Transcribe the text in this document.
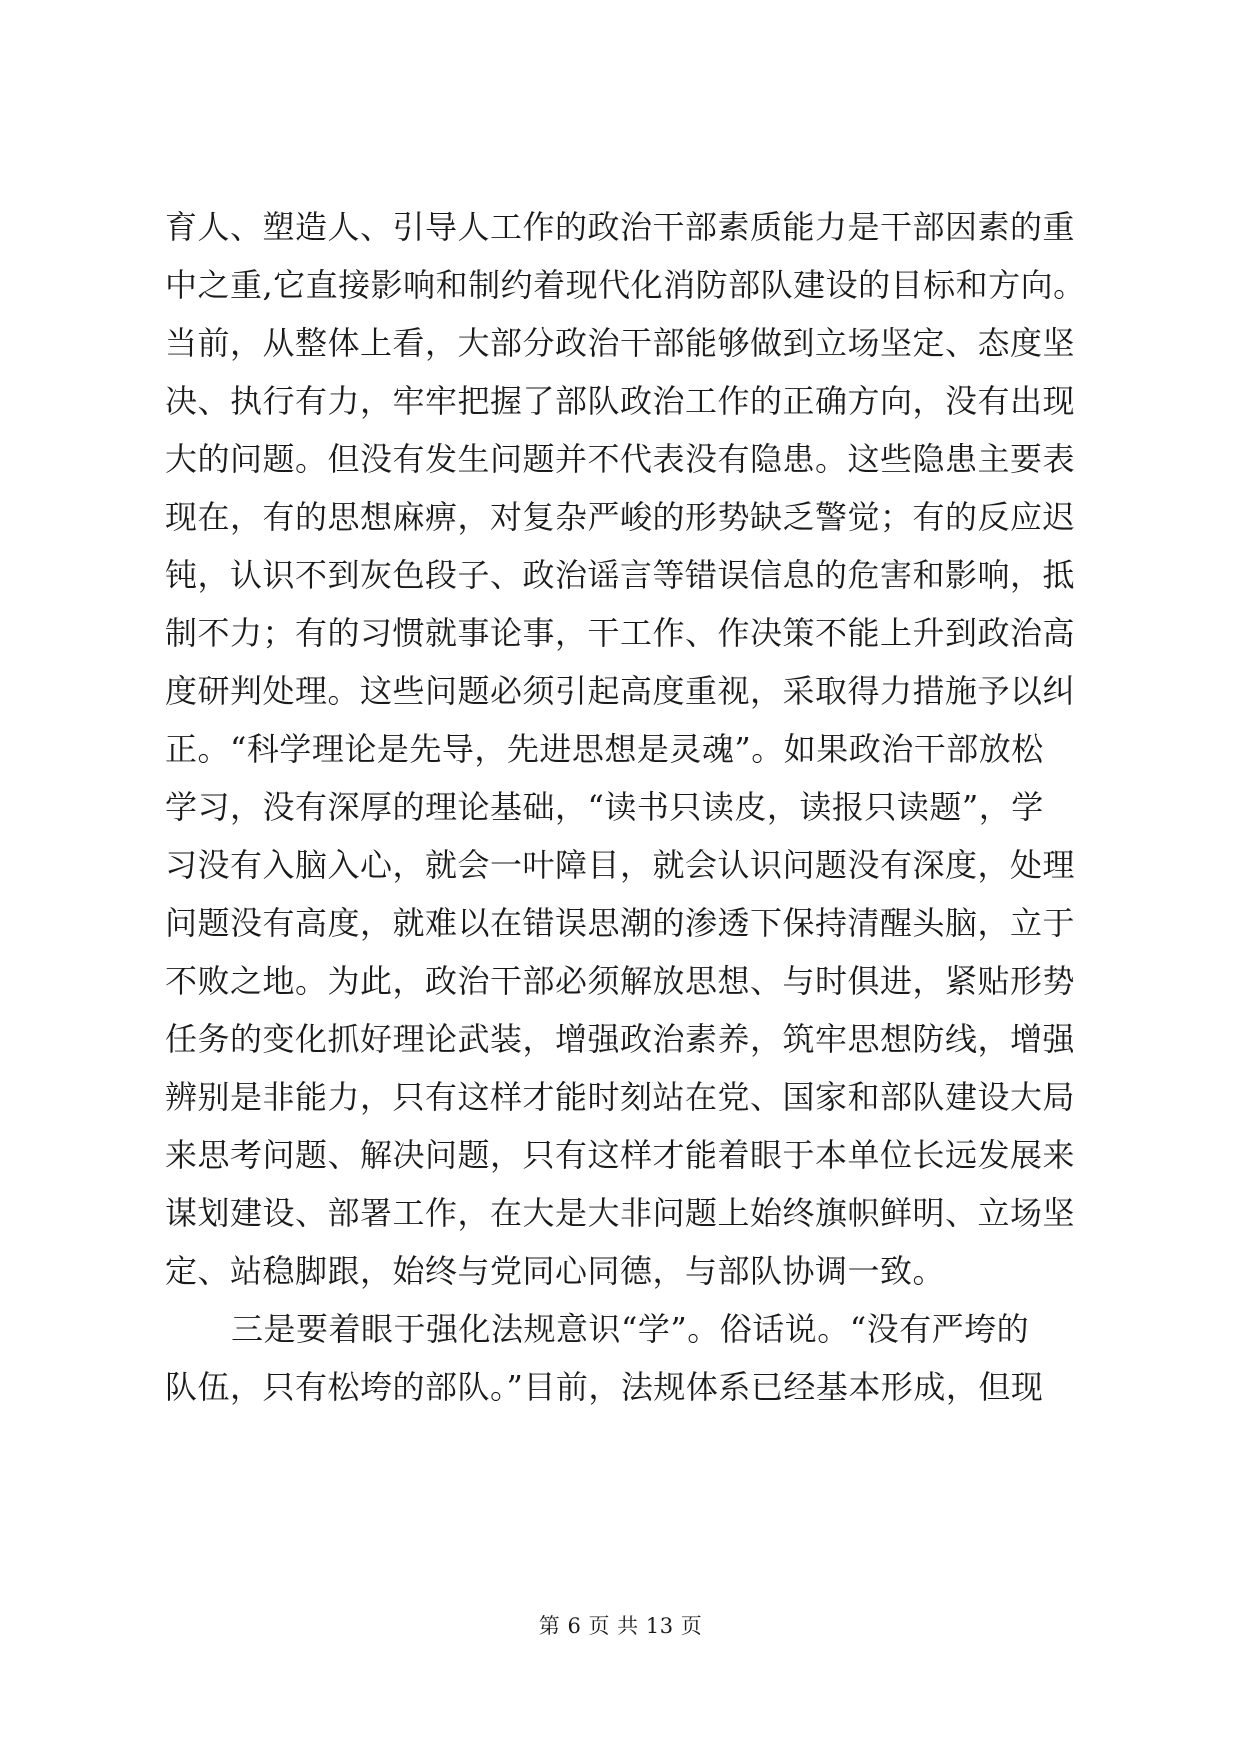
育人、塑造人、引导人工作的政治干部素质能力是干部因素的重
中之重,它直接影响和制约着现代化消防部队建设的目标和方向。
当前，从整体上看，大部分政治干部能够做到立场坚定、态度坚
决、执行有力，牢牢把握了部队政治工作的正确方向，没有出现
大的问题。但没有发生问题并不代表没有隐患。这些隐患主要表
现在，有的思想麻痹，对复杂严峻的形势缺乏警觉；有的反应迟
钝，认识不到灰色段子、政治谣言等错误信息的危害和影响，抵
制不力；有的习惯就事论事，干工作、作决策不能上升到政治高
度研判处理。这些问题必须引起高度重视，采取得力措施予以纠
正。“科学理论是先导，先进思想是灵魂”。如果政治干部放松
学习，没有深厚的理论基础，“读书只读皮，读报只读题”，学
习没有入脑入心，就会一叶障目，就会认识问题没有深度，处理
问题没有高度，就难以在错误思潮的渗透下保持清醒头脑，立于
不败之地。为此，政治干部必须解放思想、与时俱进，紧贴形势
任务的变化抓好理论武装，增强政治素养，筑牢思想防线，增强
辨别是非能力，只有这样才能时刻站在党、国家和部队建设大局
来思考问题、解决问题，只有这样才能着眼于本单位长远发展来
谋划建设、部署工作，在大是大非问题上始终旗帜鲜明、立场坚
定、站稳脚跟，始终与党同心同德，与部队协调一致。
三是要着眼于强化法规意识“学”。俗话说。“没有严垮的
队伍，只有松垮的部队。”目前，法规体系已经基本形成，但现
第 6 页 共 13 页
